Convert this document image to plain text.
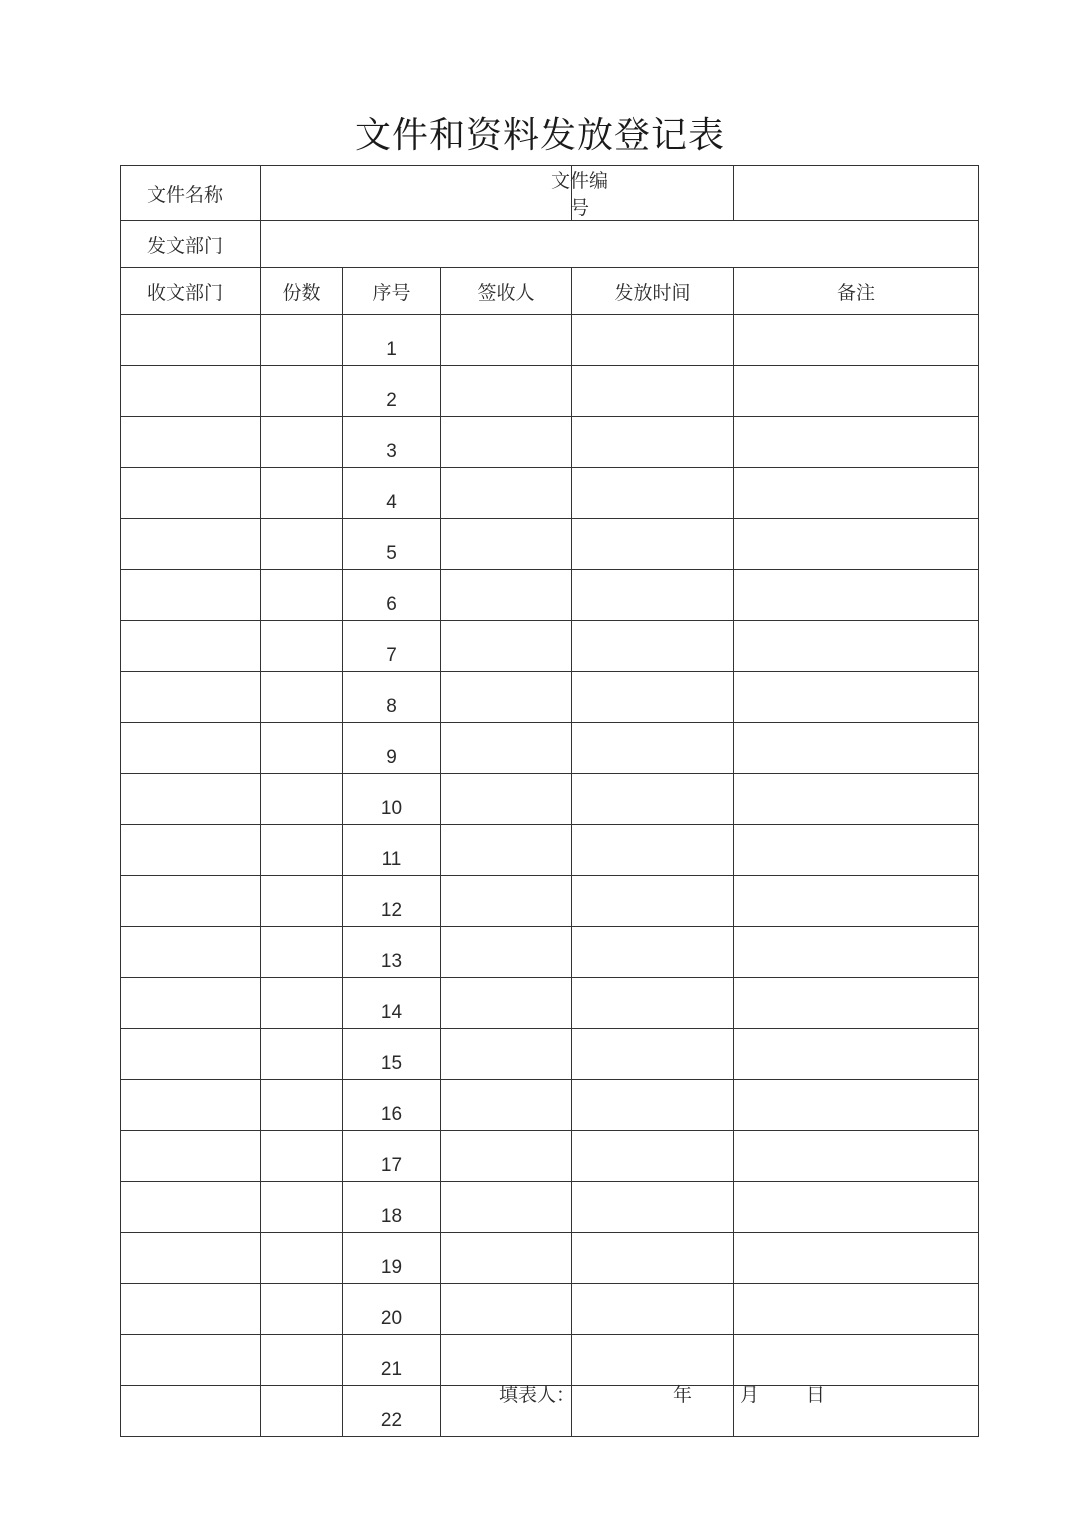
文件和资料发放登记表
文件名称				文件编号	

发文部门					
收文部门	份数	序号	签收人	发放时间	备注
		1			
		2			
		3			
		4			
		5			
		6			
		7			
		8			
		9			
		10			
		11			
		12			
		13			
		14			
		15			
		16			
		17			
		18			
		19			
		20			
		21			
		22			
填表人：	年	月 日
